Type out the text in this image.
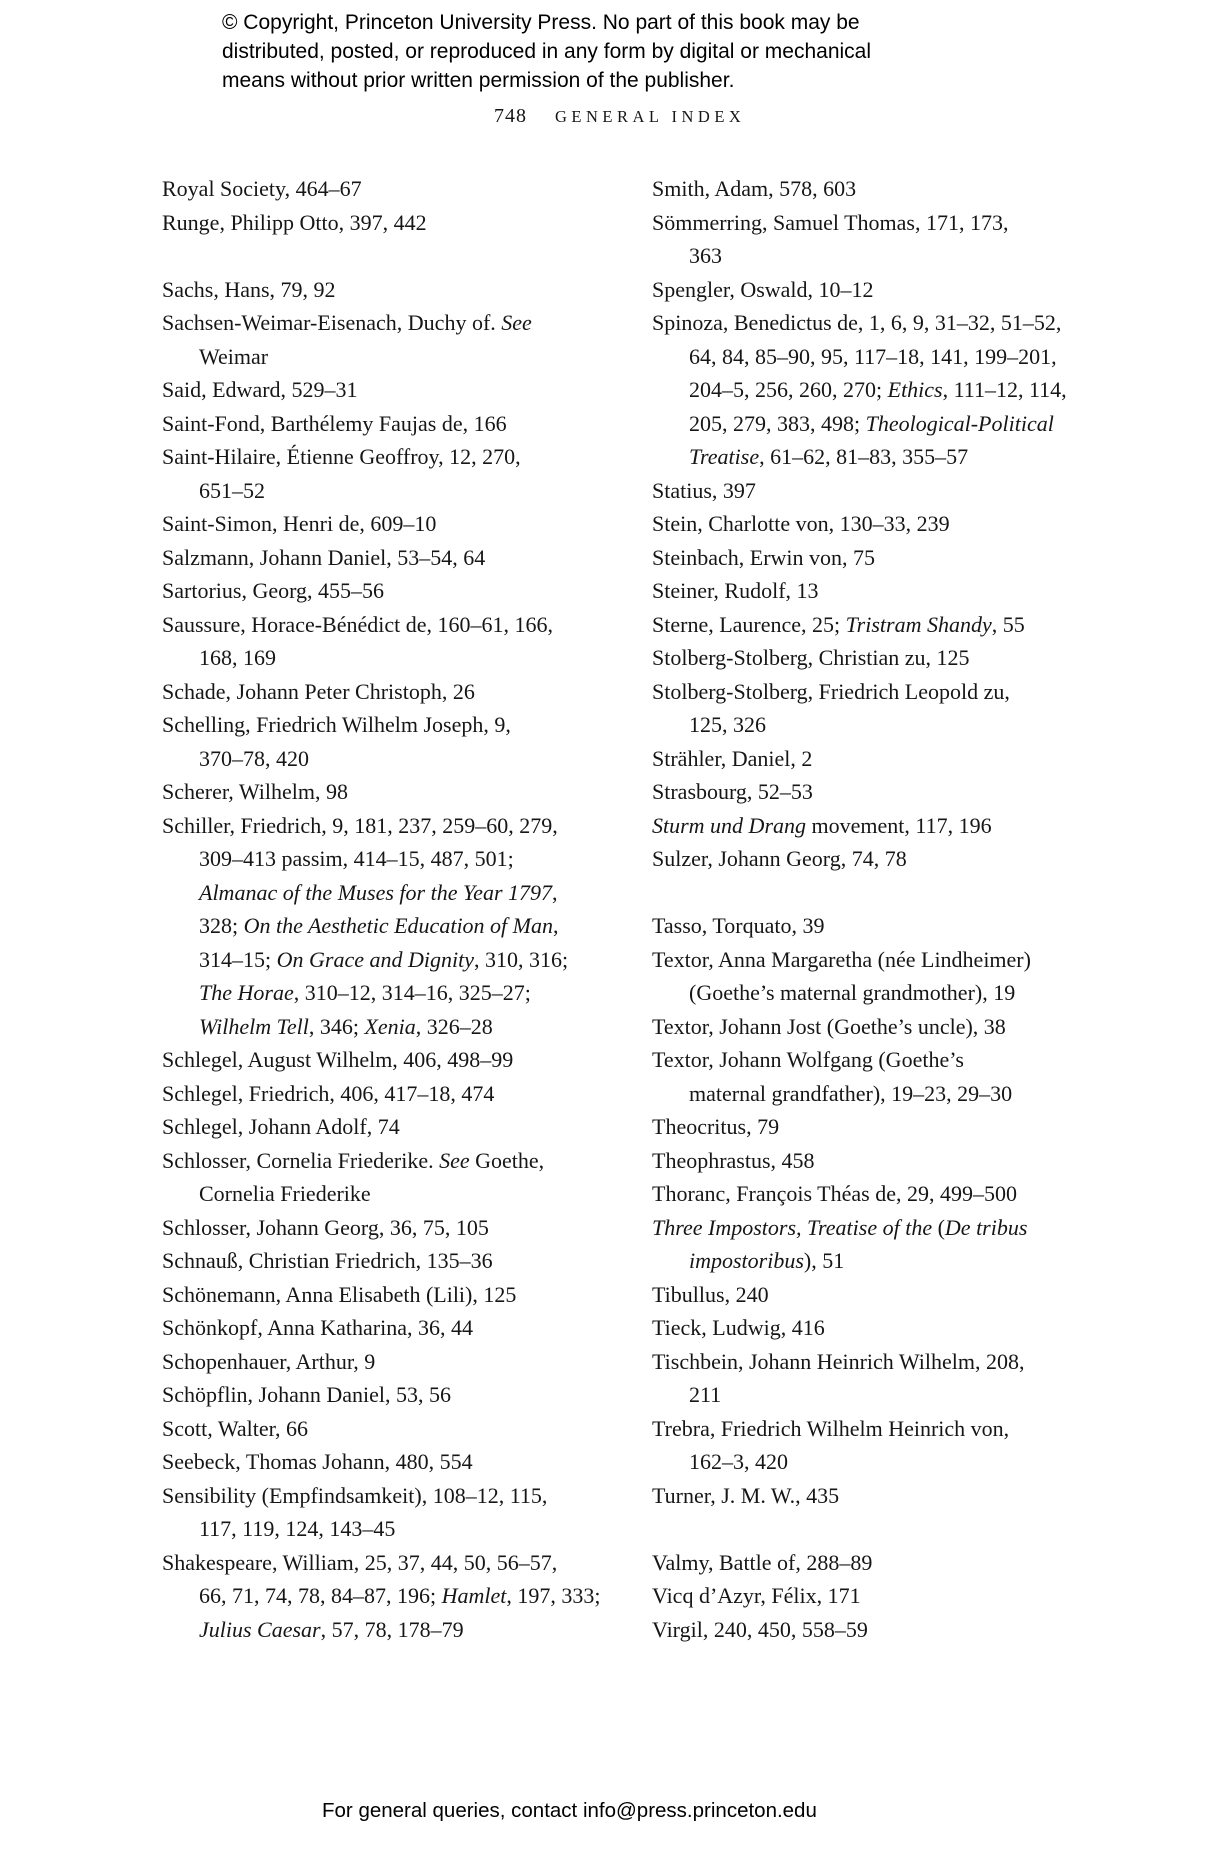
© Copyright, Princeton University Press. No part of this book may be
distributed, posted, or reproduced in any form by digital or mechanical
means without prior written permission of the publisher.
748 GENERAL INDEX
Royal Society, 464–67
Runge, Philipp Otto, 397, 442
Sachs, Hans, 79, 92
Sachsen-Weimar-Eisenach, Duchy of. See
Weimar
Said, Edward, 529–31
Saint-Fond, Barthélemy Faujas de, 166
Saint-Hilaire, Étienne Geoffroy, 12, 270,
651–52
Saint-Simon, Henri de, 609–10
Salzmann, Johann Daniel, 53–54, 64
Sartorius, Georg, 455–56
Saussure, Horace-Bénédict de, 160–61, 166,
168, 169
Schade, Johann Peter Christoph, 26
Schelling, Friedrich Wilhelm Joseph, 9,
370–78, 420
Scherer, Wilhelm, 98
Schiller, Friedrich, 9, 181, 237, 259–60, 279,
309–413 passim, 414–15, 487, 501;
Almanac of the Muses for the Year 1797,
328; On the Aesthetic Education of Man,
314–15; On Grace and Dignity, 310, 316;
The Horae, 310–12, 314–16, 325–27;
Wilhelm Tell, 346; Xenia, 326–28
Schlegel, August Wilhelm, 406, 498–99
Schlegel, Friedrich, 406, 417–18, 474
Schlegel, Johann Adolf, 74
Schlosser, Cornelia Friederike. See Goethe,
Cornelia Friederike
Schlosser, Johann Georg, 36, 75, 105
Schnauß, Christian Friedrich, 135–36
Schönemann, Anna Elisabeth (Lili), 125
Schönkopf, Anna Katharina, 36, 44
Schopenhauer, Arthur, 9
Schöpflin, Johann Daniel, 53, 56
Scott, Walter, 66
Seebeck, Thomas Johann, 480, 554
Sensibility (Empfindsamkeit), 108–12, 115,
117, 119, 124, 143–45
Shakespeare, William, 25, 37, 44, 50, 56–57,
66, 71, 74, 78, 84–87, 196; Hamlet, 197, 333;
Julius Caesar, 57, 78, 178–79
Smith, Adam, 578, 603
Sömmerring, Samuel Thomas, 171, 173,
363
Spengler, Oswald, 10–12
Spinoza, Benedictus de, 1, 6, 9, 31–32, 51–52,
64, 84, 85–90, 95, 117–18, 141, 199–201,
204–5, 256, 260, 270; Ethics, 111–12, 114,
205, 279, 383, 498; Theological-Political
Treatise, 61–62, 81–83, 355–57
Statius, 397
Stein, Charlotte von, 130–33, 239
Steinbach, Erwin von, 75
Steiner, Rudolf, 13
Sterne, Laurence, 25; Tristram Shandy, 55
Stolberg-Stolberg, Christian zu, 125
Stolberg-Stolberg, Friedrich Leopold zu,
125, 326
Strähler, Daniel, 2
Strasbourg, 52–53
Sturm und Drang movement, 117, 196
Sulzer, Johann Georg, 74, 78
Tasso, Torquato, 39
Textor, Anna Margaretha (née Lindheimer)
(Goethe’s maternal grandmother), 19
Textor, Johann Jost (Goethe’s uncle), 38
Textor, Johann Wolfgang (Goethe’s
maternal grandfather), 19–23, 29–30
Theocritus, 79
Theophrastus, 458
Thoranc, François Théas de, 29, 499–500
Three Impostors, Treatise of the (De tribus
impostoribus), 51
Tibullus, 240
Tieck, Ludwig, 416
Tischbein, Johann Heinrich Wilhelm, 208,
211
Trebra, Friedrich Wilhelm Heinrich von,
162–3, 420
Turner, J. M. W., 435
Valmy, Battle of, 288–89
Vicq d’Azyr, Félix, 171
Virgil, 240, 450, 558–59
For general queries, contact info@press.princeton.edu
